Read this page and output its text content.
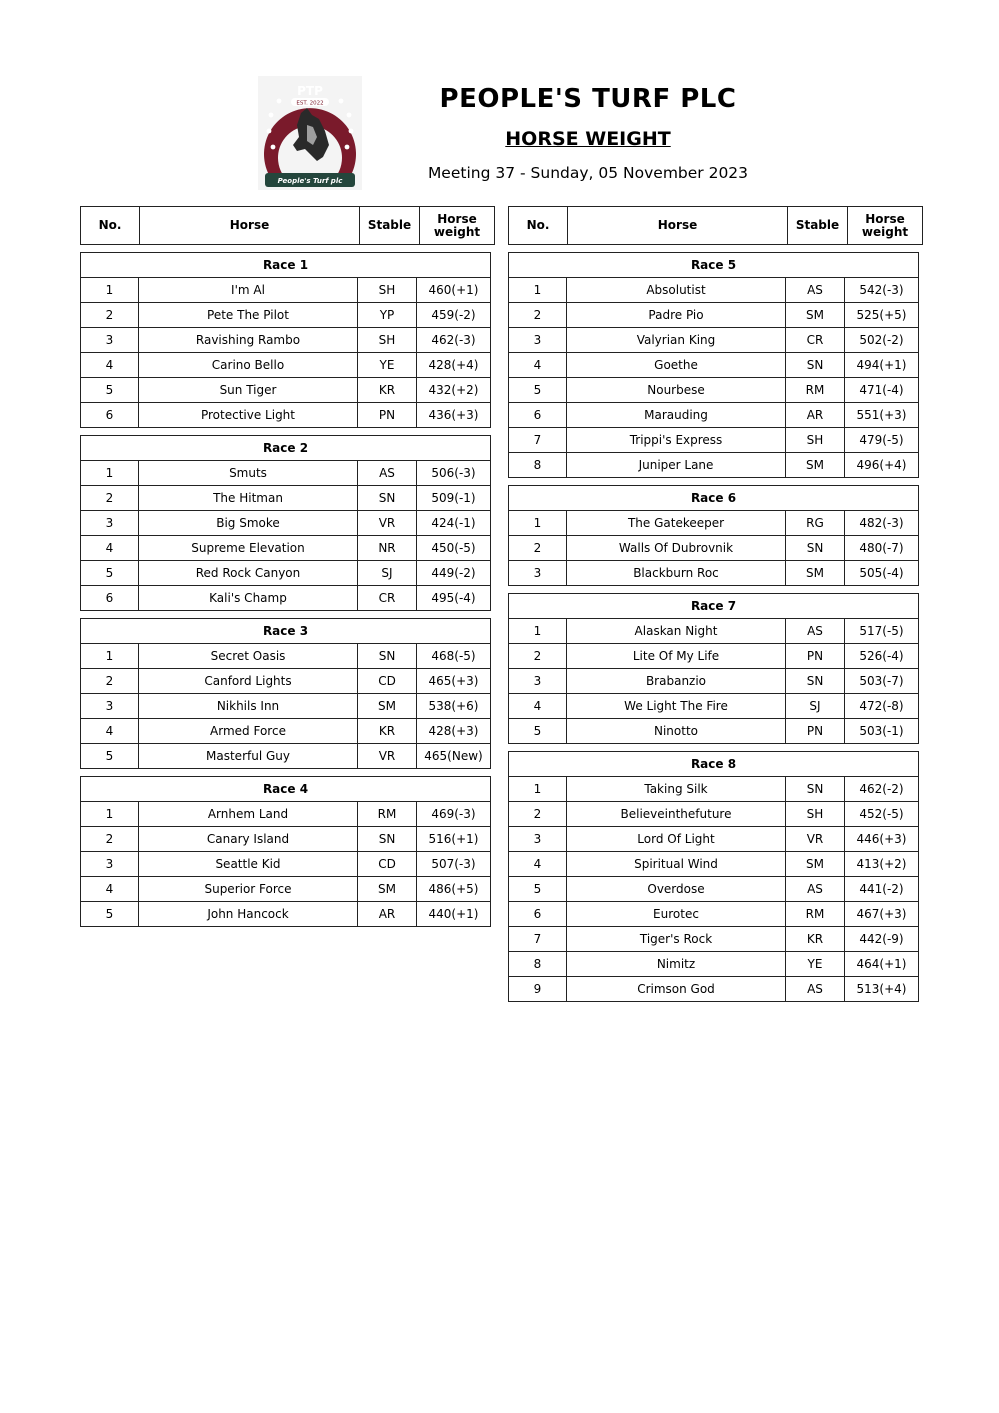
PTP
EST. 2022
People's Turf plc
PEOPLE'S TURF PLC
HORSE WEIGHT
Meeting 37 - Sunday, 05 November 2023
No.	Horse	Stable	Horse
weight
Race 1			
1	I'm Al	SH	460(+1)
2	Pete The Pilot	YP	459(-2)
3	Ravishing Rambo	SH	462(-3)
4	Carino Bello	YE	428(+4)
5	Sun Tiger	KR	432(+2)
6	Protective Light	PN	436(+3)
Race 2			
1	Smuts	AS	506(-3)
2	The Hitman	SN	509(-1)
3	Big Smoke	VR	424(-1)
4	Supreme Elevation	NR	450(-5)
5	Red Rock Canyon	SJ	449(-2)
6	Kali's Champ	CR	495(-4)
Race 3			
1	Secret Oasis	SN	468(-5)
2	Canford Lights	CD	465(+3)
3	Nikhils Inn	SM	538(+6)
4	Armed Force	KR	428(+3)
5	Masterful Guy	VR	465(New)
Race 4			
1	Arnhem Land	RM	469(-3)
2	Canary Island	SN	516(+1)
3	Seattle Kid	CD	507(-3)
4	Superior Force	SM	486(+5)
5	John Hancock	AR	440(+1)
No.	Horse	Stable	Horse
weight
Race 5			
1	Absolutist	AS	542(-3)
2	Padre Pio	SM	525(+5)
3	Valyrian King	CR	502(-2)
4	Goethe	SN	494(+1)
5	Nourbese	RM	471(-4)
6	Marauding	AR	551(+3)
7	Trippi's Express	SH	479(-5)
8	Juniper Lane	SM	496(+4)
Race 6			
1	The Gatekeeper	RG	482(-3)
2	Walls Of Dubrovnik	SN	480(-7)
3	Blackburn Roc	SM	505(-4)
Race 7			
1	Alaskan Night	AS	517(-5)
2	Lite Of My Life	PN	526(-4)
3	Brabanzio	SN	503(-7)
4	We Light The Fire	SJ	472(-8)
5	Ninotto	PN	503(-1)
Race 8			
1	Taking Silk	SN	462(-2)
2	Believeinthefuture	SH	452(-5)
3	Lord Of Light	VR	446(+3)
4	Spiritual Wind	SM	413(+2)
5	Overdose	AS	441(-2)
6	Eurotec	RM	467(+3)
7	Tiger's Rock	KR	442(-9)
8	Nimitz	YE	464(+1)
9	Crimson God	AS	513(+4)
